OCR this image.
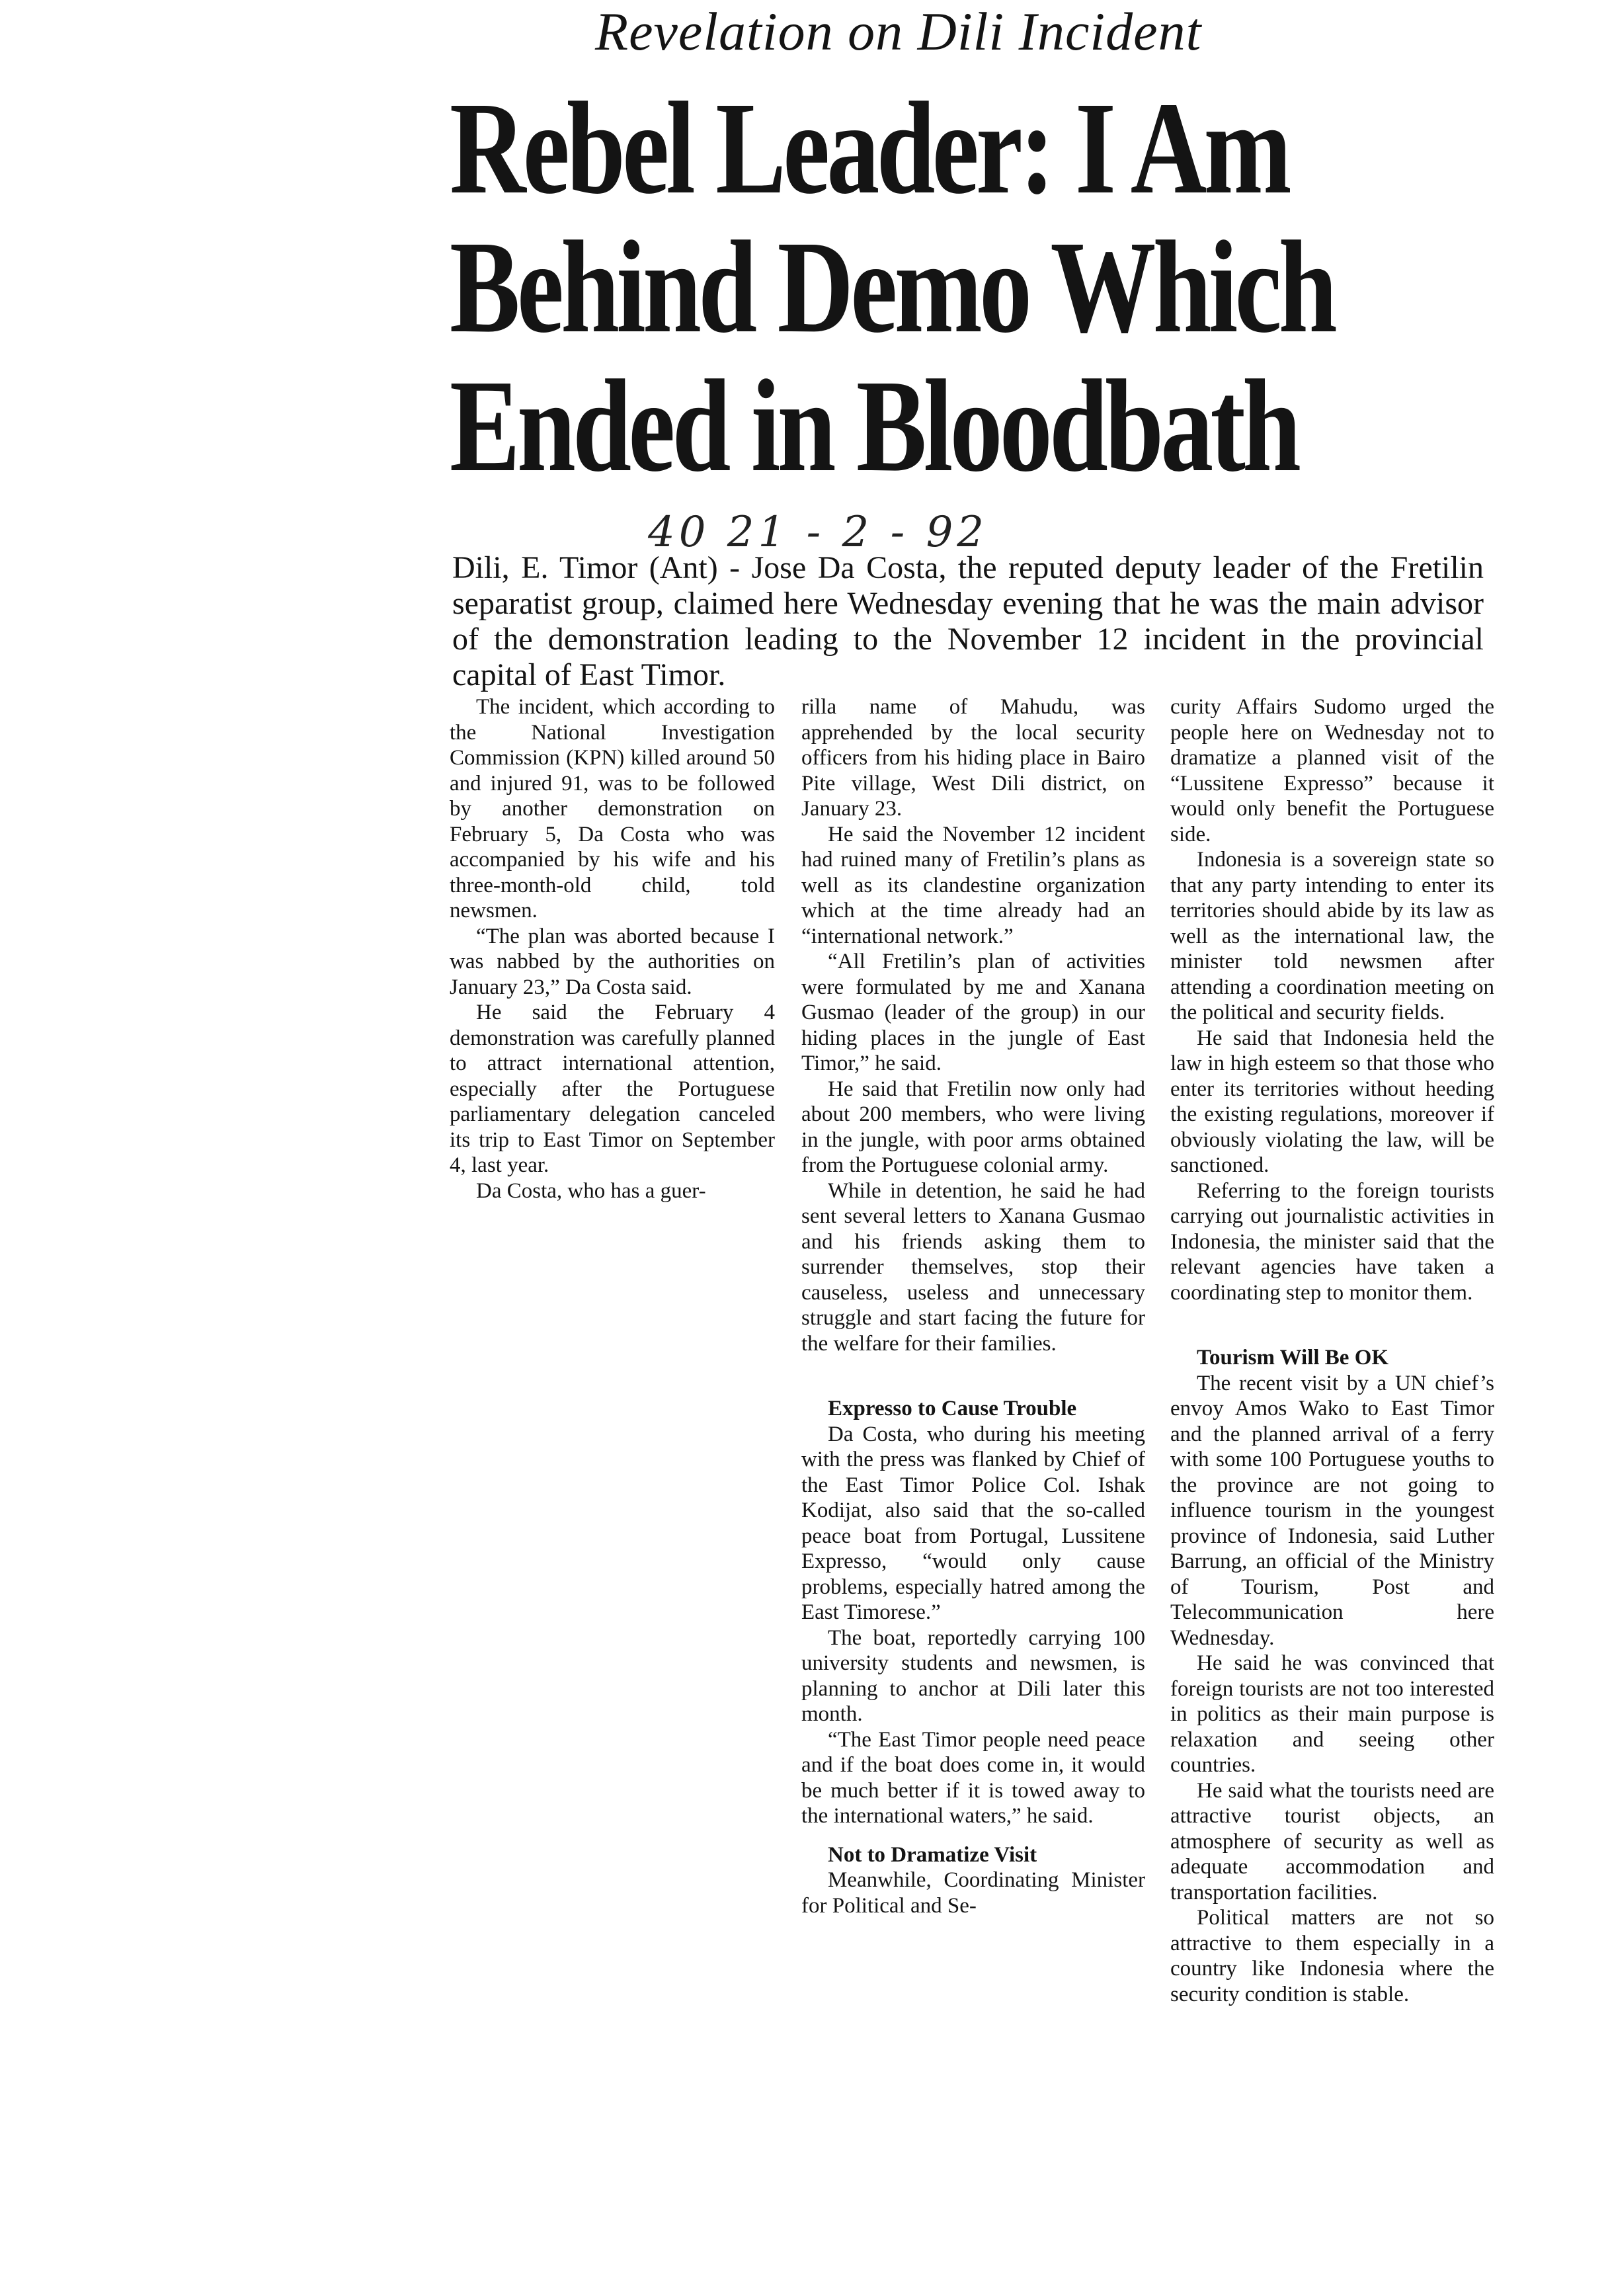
Revelation on Dili Incident
Rebel Leader: I Am
Behind Demo Which
Ended in Bloodbath
40 21 - 2 - 92
Dili, E. Timor (Ant) - Jose Da Costa, the reputed deputy leader of the Fretilin separatist group, claimed here Wednesday evening that he was the main advisor of the demonstration leading to the November 12 incident in the provincial capital of East Timor.

The incident, which according to the National Investigation Commission (KPN) killed around 50 and injured 91, was to be followed by another demonstration on February 5, Da Costa who was accompanied by his wife and his three-month-old child, told newsmen.

“The plan was aborted because I was nabbed by the authorities on January 23,” Da Costa said.

He said the February 4 demonstration was carefully planned to attract international attention, especially after the Portuguese parliamentary delegation canceled its trip to East Timor on September 4, last year.

Da Costa, who has a guer-

rilla name of Mahudu, was apprehended by the local security officers from his hiding place in Bairo Pite village, West Dili district, on January 23.

He said the November 12 incident had ruined many of Fretilin’s plans as well as its clandestine organization which at the time already had an “international network.”

“All Fretilin’s plan of activities were formulated by me and Xanana Gusmao (leader of the group) in our hiding places in the jungle of East Timor,” he said.

He said that Fretilin now only had about 200 members, who were living in the jungle, with poor arms obtained from the Portuguese colonial army.

While in detention, he said he had sent several letters to Xanana Gusmao and his friends asking them to surrender themselves, stop their causeless, useless and unnecessary struggle and start facing the future for the welfare for their families.

Expresso to Cause Trouble

Da Costa, who during his meeting with the press was flanked by Chief of the East Timor Police Col. Ishak Kodijat, also said that the so-called peace boat from Portugal, Lussitene Expresso, “would only cause problems, especially hatred among the East Timorese.”

The boat, reportedly carrying 100 university students and newsmen, is planning to anchor at Dili later this month.

“The East Timor people need peace and if the boat does come in, it would be much better if it is towed away to the international waters,” he said.

Not to Dramatize Visit

Meanwhile, Coordinating Minister for Political and Se-

curity Affairs Sudomo urged the people here on Wednesday not to dramatize a planned visit of the “Lussitene Expresso” because it would only benefit the Portuguese side.

Indonesia is a sovereign state so that any party intending to enter its territories should abide by its law as well as the international law, the minister told newsmen after attending a coordination meeting on the political and security fields.

He said that Indonesia held the law in high esteem so that those who enter its territories without heeding the existing regulations, moreover if obviously violating the law, will be sanctioned.

Referring to the foreign tourists carrying out journalistic activities in Indonesia, the minister said that the relevant agencies have taken a coordinating step to monitor them.

Tourism Will Be OK

The recent visit by a UN chief’s envoy Amos Wako to East Timor and the planned arrival of a ferry with some 100 Portuguese youths to the province are not going to influence tourism in the youngest province of Indonesia, said Luther Barrung, an official of the Ministry of Tourism, Post and Telecommunication here Wednesday.

He said he was convinced that foreign tourists are not too interested in politics as their main purpose is relaxation and seeing other countries.

He said what the tourists need are attractive tourist objects, an atmosphere of security as well as adequate accommodation and transportation facilities.

Political matters are not so attractive to them especially in a country like Indonesia where the security condition is stable.
